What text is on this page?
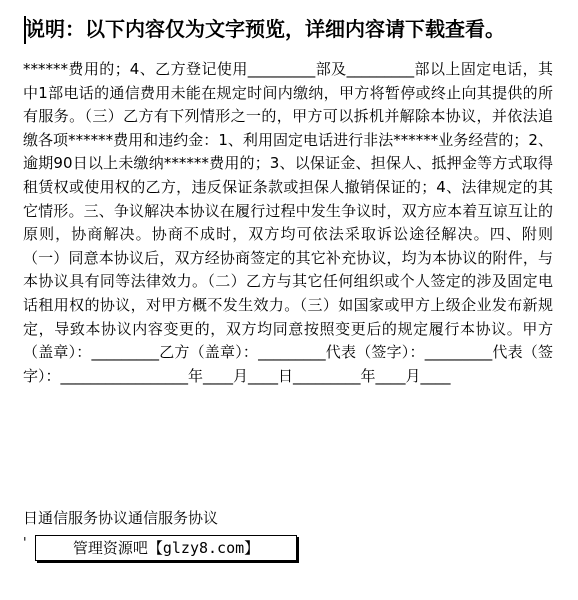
说明：以下内容仅为文字预览，详细内容请下载查看。

******费用的；4、乙方登记使用_________部及_________部以上固定电话，其中1部电话的通信费用未能在规定时间内缴纳，甲方将暂停或终止向其提供的所有服务。（三）乙方有下列情形之一的，甲方可以拆机并解除本协议，并依法追缴各项******费用和违约金：1、利用固定电话进行非法******业务经营的；2、逾期90日以上未缴纳******费用的；3、以保证金、担保人、抵押金等方式取得租赁权或使用权的乙方，违反保证条款或担保人撤销保证的；4、法律规定的其它情形。三、争议解决本协议在履行过程中发生争议时，双方应本着互谅互让的原则，协商解决。协商不成时，双方均可依法采取诉讼途径解决。四、附则（一）同意本协议后，双方经协商签定的其它补充协议，均为本协议的附件，与本协议具有同等法律效力。（二）乙方与其它任何组织或个人签定的涉及固定电话租用权的协议，对甲方概不发生效力。（三）如国家或甲方上级企业发布新规定，导致本协议内容变更的，双方均同意按照变更后的规定履行本协议。甲方（盖章）：_________乙方（盖章）：_________代表（签字）：_________代表（签字）：_________________年____月____日_________年____月____

日通信服务协议通信服务协议
'	管理资源吧【glzy8.com】
